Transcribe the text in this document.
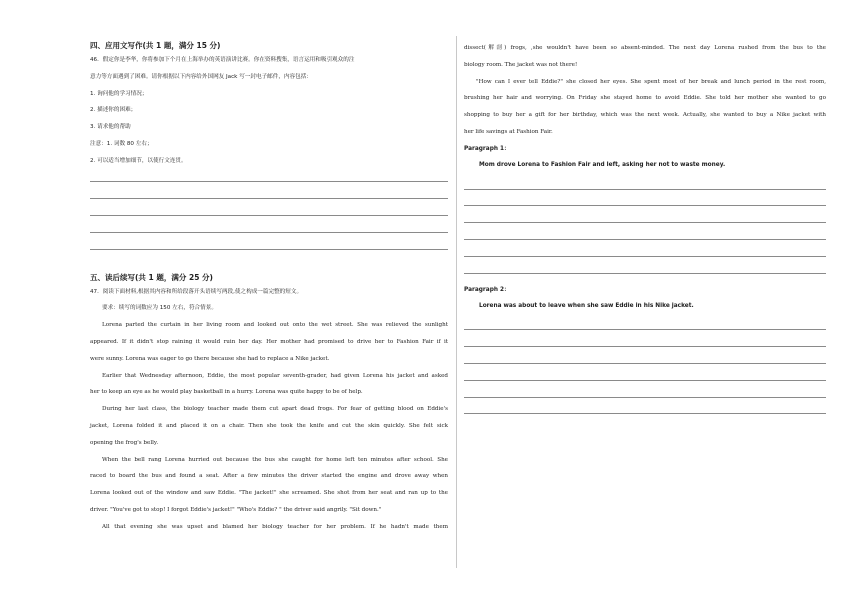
四、应用文写作(共 1 题，满分 15 分)

46．假定你是李华，你将参加下个月在上海举办的英语演讲比赛。你在资料搜集，语言运用和吸引观众的注

意力等方面遇到了困难。请你根据以下内容给外国网友 Jack 写一封电子邮件，内容包括：

1. 询问他的学习情况；

2. 描述你的困难；

3. 请求他的帮助

注意：1. 词数 80 左右；

2. 可以适当增加细节，以使行文连贯。

五、读后续写(共 1 题，满分 25 分)

47．阅读下面材料,根据其内容和所给段落开头语续写两段,使之构成一篇完整的短文。

要求：续写的词数应为 150 左右，符合情景。

Lorena parted the curtain in her living room and looked out onto the wet street. She was relieved the sunlight

appeared. If it didn't stop raining it would ruin her day. Her mother had promised to drive her to Fashion Fair if it

were sunny. Lorena was eager to go there because she had to replace a Nike jacket.

Earlier that Wednesday afternoon, Eddie, the most popular seventh-grader, had given Lorena his jacket and asked

her to keep an eye as he would play basketball in a hurry. Lorena was quite happy to be of help.

During her last class, the biology teacher made them cut apart dead frogs. For fear of getting blood on Eddie's

jacket, Lorena folded it and placed it on a chair. Then she took the knife and cut the skin quickly. She felt sick

opening the frog's belly.

When the bell rang Lorena hurried out because the bus she caught for home left ten minutes after school. She

raced to board the bus and found a seat. After a few minutes the driver started the engine and drove away when

Lorena looked out of the window and saw Eddie. "The jacket!" she screamed. She shot from her seat and ran up to the

driver. "You've got to stop! I forgot Eddie's jacket!" "Who's Eddie? " the driver said angrily. "Sit down."

All that evening she was upset and blamed her biology teacher for her problem. If he hadn't made them

dissect(解剖) frogs, ,she wouldn't have been so absent-minded. The next day Lorena rushed from the bus to the

biology room. The jacket was not there!

"How can I ever tell Eddie?" she closed her eyes. She spent most of her break and lunch period in the rest room,

brushing her hair and worrying. On Friday she stayed home to avoid Eddie. She told her mother she wanted to go

shopping to buy her a gift for her birthday, which was the next week. Actually, she wanted to buy a Nike jacket with

her life savings at Fashion Fair.

Paragraph 1：

Mom drove Lorena to Fashion Fair and left, asking her not to waste money.

Paragraph 2：

Lorena was about to leave when she saw Eddie in his Nike jacket.
